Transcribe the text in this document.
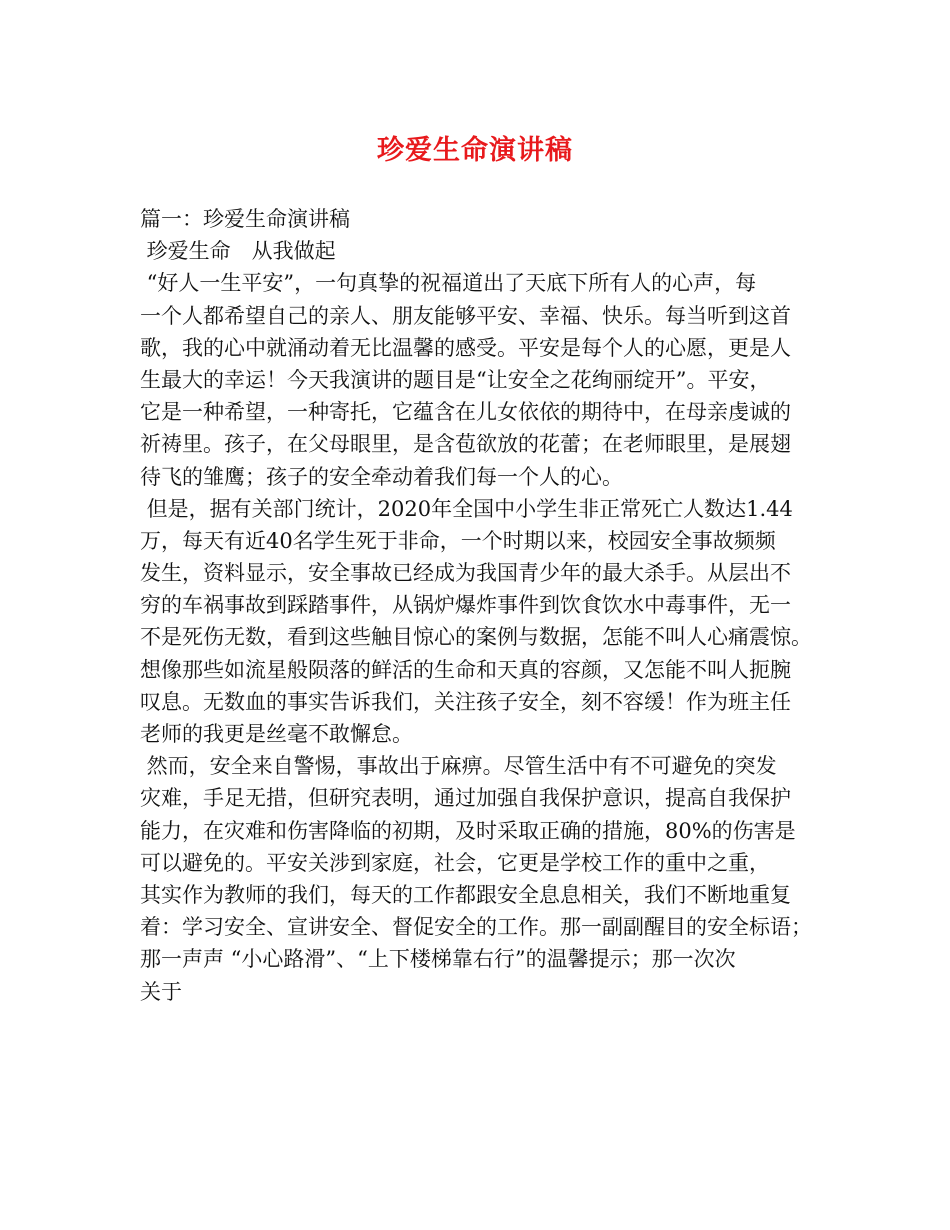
珍爱生命演讲稿
篇一：珍爱生命演讲稿
珍爱生命　从我做起
“好人一生平安”，一句真挚的祝福道出了天底下所有人的心声，每
一个人都希望自己的亲人、朋友能够平安、幸福、快乐。每当听到这首
歌，我的心中就涌动着无比温馨的感受。平安是每个人的心愿，更是人
生最大的幸运！今天我演讲的题目是“让安全之花绚丽绽开”。平安，
它是一种希望，一种寄托，它蕴含在儿女依依的期待中，在母亲虔诚的
祈祷里。孩子，在父母眼里，是含苞欲放的花蕾；在老师眼里，是展翅
待飞的雏鹰；孩子的安全牵动着我们每一个人的心。
但是，据有关部门统计，2020年全国中小学生非正常死亡人数达1.44
万，每天有近40名学生死于非命，一个时期以来，校园安全事故频频
发生，资料显示，安全事故已经成为我国青少年的最大杀手。从层出不
穷的车祸事故到踩踏事件，从锅炉爆炸事件到饮食饮水中毒事件，无一
不是死伤无数，看到这些触目惊心的案例与数据，怎能不叫人心痛震惊。
想像那些如流星般陨落的鲜活的生命和天真的容颜，又怎能不叫人扼腕
叹息。无数血的事实告诉我们，关注孩子安全，刻不容缓！作为班主任
老师的我更是丝毫不敢懈怠。
然而，安全来自警惕，事故出于麻痹。尽管生活中有不可避免的突发
灾难，手足无措，但研究表明，通过加强自我保护意识，提高自我保护
能力，在灾难和伤害降临的初期，及时采取正确的措施，80%的伤害是
可以避免的。平安关涉到家庭，社会，它更是学校工作的重中之重，
其实作为教师的我们，每天的工作都跟安全息息相关，我们不断地重复
着：学习安全、宣讲安全、督促安全的工作。那一副副醒目的安全标语；
那一声声 “小心路滑”、“上下楼梯靠右行”的温馨提示；那一次次
关于
